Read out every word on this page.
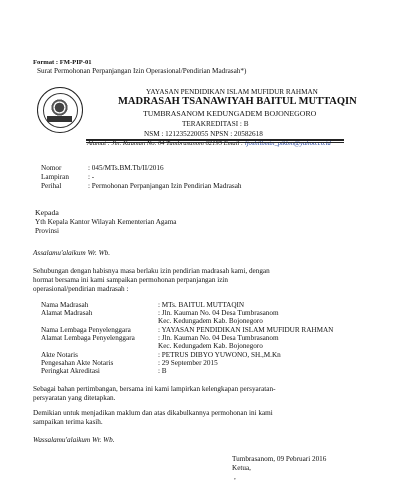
Format : FM-PIP-01
Surat Permohonan Perpanjangan Izin Operasional/Pendirian Madrasah*)
YAYASAN PENDIDIKAN ISLAM MUFIDUR RAHMAN
MADRASAH TSANAWIYAH BAITUL MUTTAQIN
TUMBRASANOM KEDUNGADEM BOJONEGORO
TERAKREDITASI : B
NSM : 121235220055 NPSN : 20582618
Alamat : Jln. Kauman No. 04 Tumbrasanom 62195 Email : ljoshilbmtn_ptkbm@yahoo.co.id
Nomor	: 045/MTs.BM.Tb/II/2016
Lampiran	: -
Perihal	: Permohonan Perpanjangan Izin Pendirian Madrasah
Kepada
Yth Kepala Kantor Wilayah Kementerian Agama
Provinsi
Assalamu'alaikum Wr. Wb.
Sehubungan dengan habisnya masa berlaku izin pendirian madrasah kami, dengan
hormat bersama ini kami sampaikan permohonan perpanjangan izin
operasional/pendirian madrasah :
Nama Madrasah	: MTs. BAITUL MUTTAQIN
Alamat Madrasah	: Jln. Kauman No. 04 Desa Tumbrasanom
Kec. Kedungadem Kab. Bojonegoro
Nama Lembaga Penyelenggara	: YAYASAN PENDIDIKAN ISLAM MUFIDUR RAHMAN
Alamat Lembaga Penyelenggara	: Jln. Kauman No. 04 Desa Tumbrasanom
Kec. Kedungadem Kab. Bojonegoro
Akte Notaris	: PETRUS DIBYO YUWONO, SH.,M.Kn
Pengesahan Akte Notaris	: 29 September 2015
Peringkat Akreditasi	: B
Sebagai bahan pertimbangan, bersama ini kami lampirkan kelengkapan persyaratan-
persyaratan yang ditetapkan.
Demikian untuk menjadikan maklum dan atas dikabulkannya permohonan ini kami
sampaikan terima kasih.
Wassalamu'alaikum Wr. Wb.
Tumbrasanom, 09 Pebruari 2016
Ketua,
,
